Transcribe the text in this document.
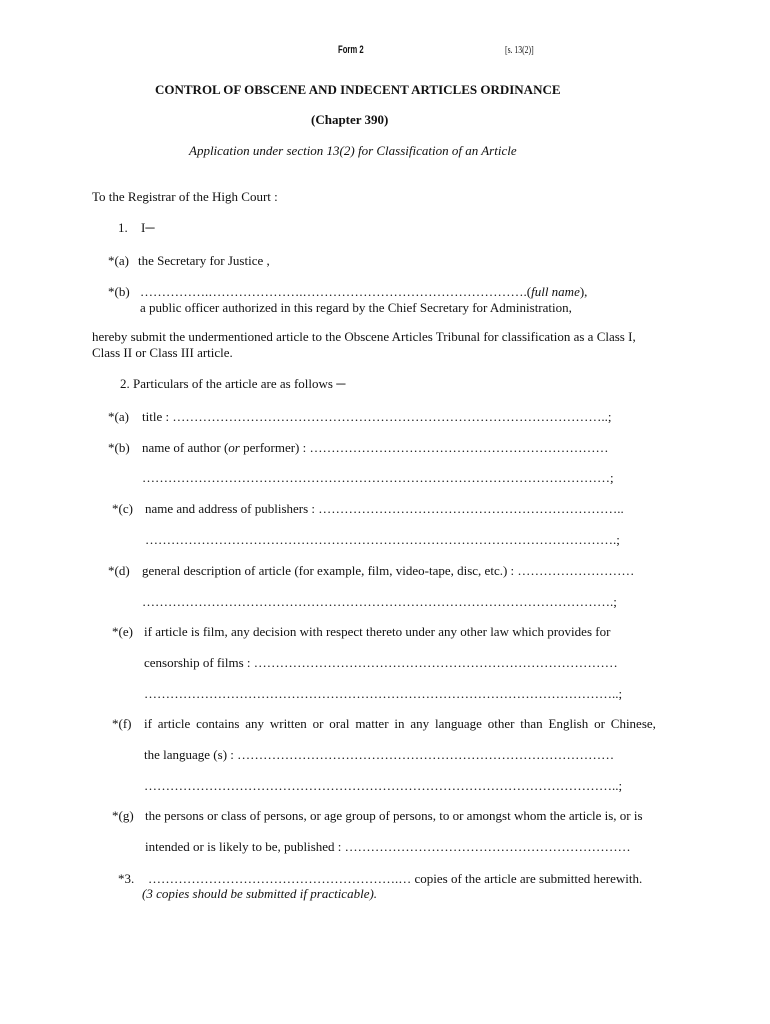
Form 2	[s. 13(2)]
CONTROL OF OBSCENE AND INDECENT ARTICLES ORDINANCE
(Chapter 390)
Application under section 13(2) for Classification of an Article
To the Registrar of the High Court :
1. I─
*(a) the Secretary for Justice ,
*(b) …………….………………….…………………………………………….(full name),
a public officer authorized in this regard by the Chief Secretary for Administration,
hereby submit the undermentioned article to the Obscene Articles Tribunal for classification as a Class I,
Class II or Class III article.
2. Particulars of the article are as follows ─
*(a) title : ………………………………………………………………………………………..;
*(b) name of author (or performer) : ……………………………………………………………
………………………………………………………………………………………………;
*(c) name and address of publishers : ……………………………………………………………..
……………………………………………………………………………………………….;
*(d) general description of article (for example, film, video-tape, disc, etc.) : ………………………
……………………………………………………………………………………………….;
*(e) if article is film, any decision with respect thereto under any other law which provides for
censorship of films : …………………………………………………………………………
………………………………………………………………………………………………..;
*(f) if article contains any written or oral matter in any language other than English or Chinese,
the language (s) : ……………………………………………………………………………
………………………………………………………………………………………………..;
*(g) the persons or class of persons, or age group of persons, to or amongst whom the article is, or is
intended or is likely to be, published : …………………………………………………………
*3. ………………………………………………….… copies of the article are submitted herewith.
(3 copies should be submitted if practicable).
